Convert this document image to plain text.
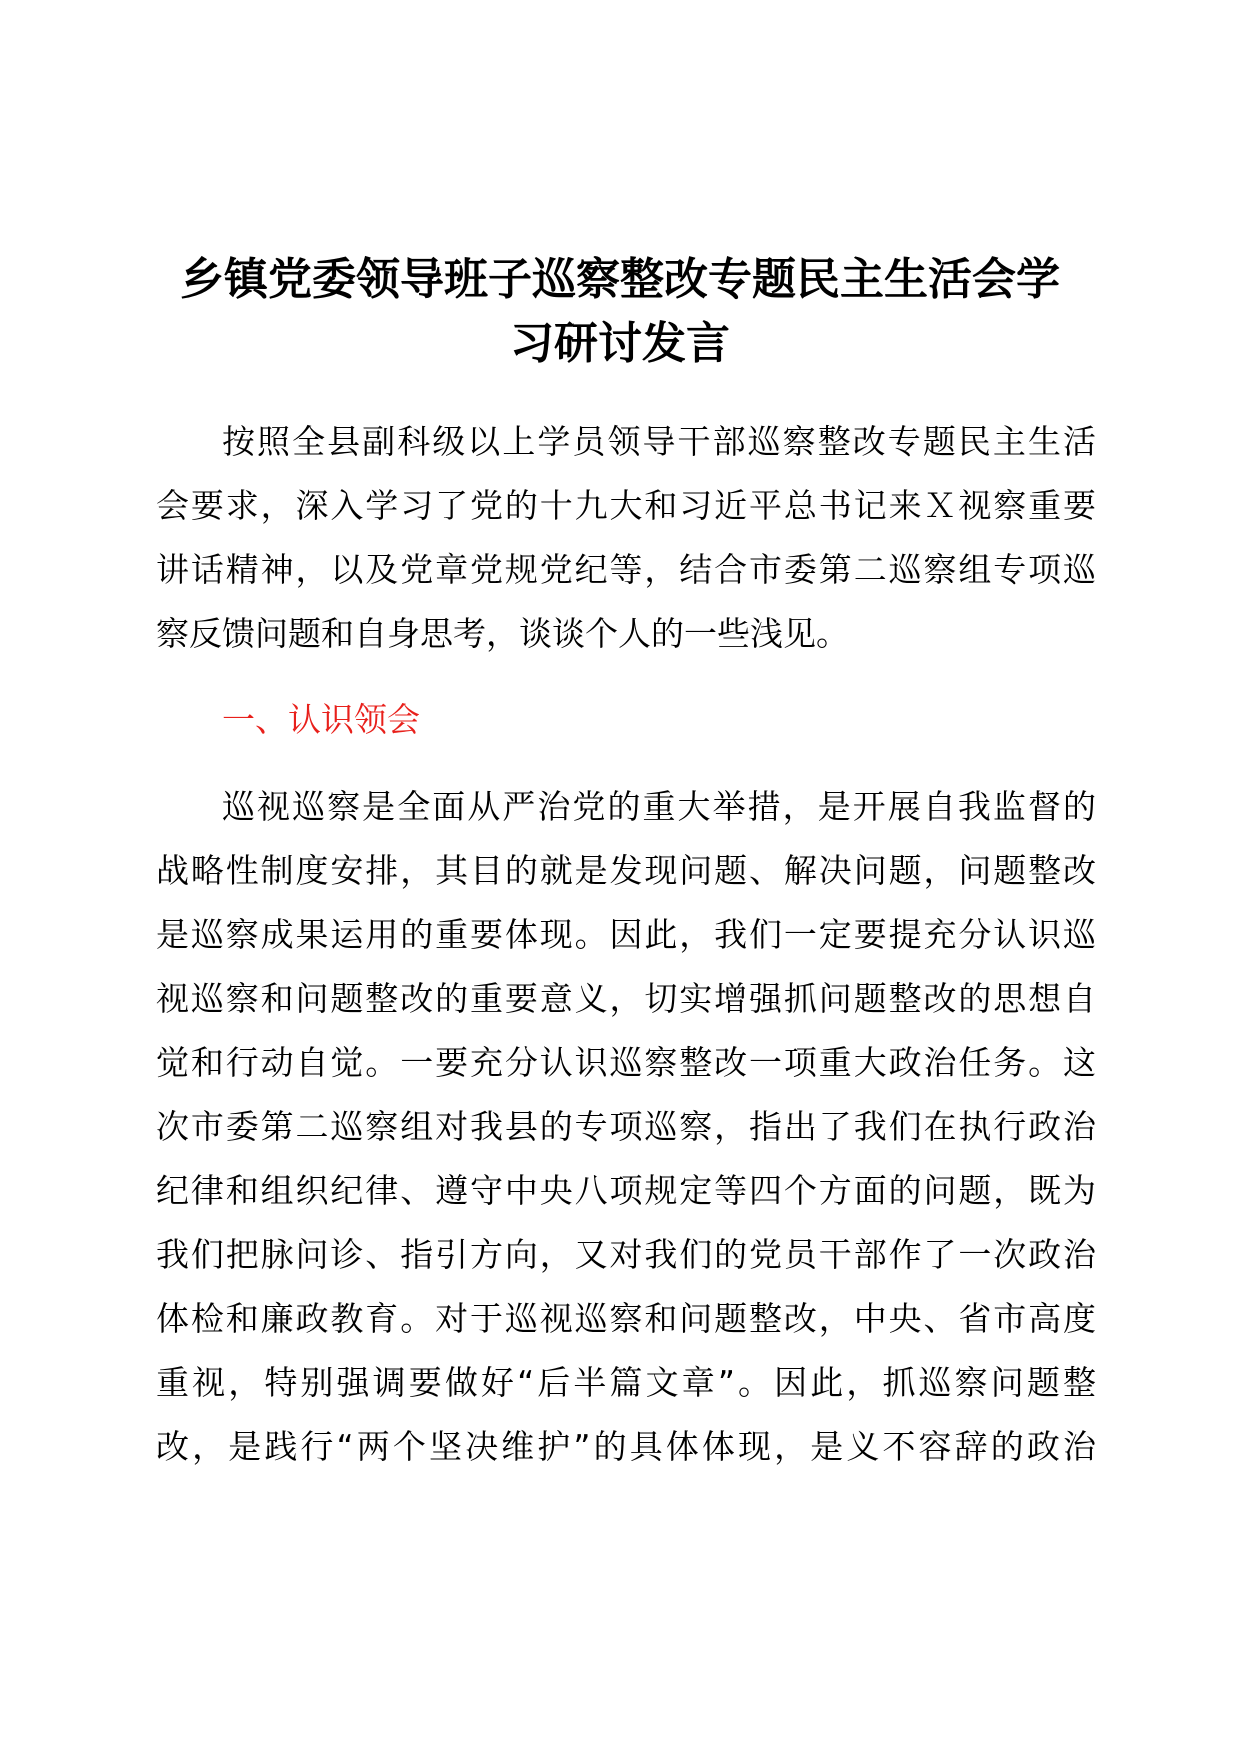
乡镇党委领导班子巡察整改专题民主生活会学
习研讨发言
按照全县副科级以上学员领导干部巡察整改专题民主生活
会要求，深入学习了党的十九大和习近平总书记来Ｘ视察重要
讲话精神，以及党章党规党纪等，结合市委第二巡察组专项巡
察反馈问题和自身思考，谈谈个人的一些浅见。
一、认识领会
巡视巡察是全面从严治党的重大举措，是开展自我监督的
战略性制度安排，其目的就是发现问题、解决问题，问题整改
是巡察成果运用的重要体现。因此，我们一定要提充分认识巡
视巡察和问题整改的重要意义，切实增强抓问题整改的思想自
觉和行动自觉。一要充分认识巡察整改一项重大政治任务。这
次市委第二巡察组对我县的专项巡察，指出了我们在执行政治
纪律和组织纪律、遵守中央八项规定等四个方面的问题，既为
我们把脉问诊、指引方向，又对我们的党员干部作了一次政治
体检和廉政教育。对于巡视巡察和问题整改，中央、省市高度
重视，特别强调要做好“后半篇文章”。因此，抓巡察问题整
改，是践行“两个坚决维护”的具体体现，是义不容辞的政治
